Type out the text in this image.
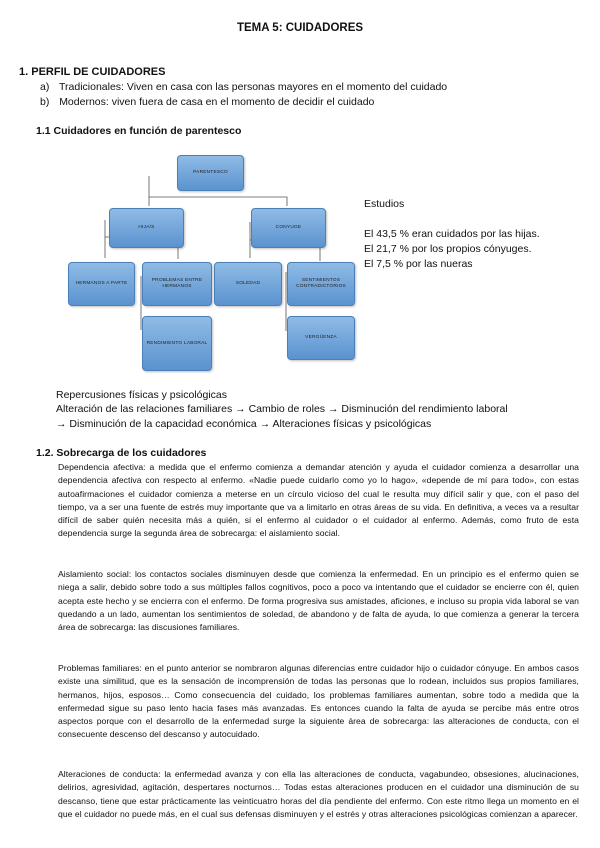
TEMA 5: CUIDADORES
1. PERFIL DE CUIDADORES
a) Tradicionales: Viven en casa con las personas mayores en el momento del cuidado
b) Modernos: viven fuera de casa en el momento de decidir el cuidado
1.1 Cuidadores en función de parentesco
PARENTESCO
HIJA/S	CONYUGE
HERMANOS A PARTE
PROBLEMAS ENTRE HERMANOS
SOLEDAD
SENTIMIENTOS CONTRADICTORIOS
RENDIMIENTO LABORAL
VERGÜENZA
Estudios
El 43,5 % eran cuidados por las hijas.
El 21,7 % por los propios cónyuges.
El 7,5 % por las nueras
Repercusiones físicas y psicológicas
Alteración de las relaciones familiares → Cambio de roles → Disminución del rendimiento laboral
→ Disminución de la capacidad económica → Alteraciones físicas y psicológicas
1.2. Sobrecarga de los cuidadores

Dependencia afectiva: a medida que el enfermo comienza a demandar atención y ayuda el cuidador comienza a desarrollar una dependencia afectiva con respecto al enfermo. «Nadie puede cuidarlo como yo lo hago», «depende de mí para todo», con estas autoafirmaciones el cuidador comienza a meterse en un círculo vicioso del cual le resulta muy difícil salir y que, con el paso del tiempo, va a ser una fuente de estrés muy importante que va a limitarlo en otras áreas de su vida. En definitiva, a veces va a resultar difícil de saber quién necesita más a quién, si el enfermo al cuidador o el cuidador al enfermo. Además, como fruto de esta dependencia surge la segunda área de sobrecarga: el aislamiento social.

Aislamiento social: los contactos sociales disminuyen desde que comienza la enfermedad. En un principio es el enfermo quien se niega a salir, debido sobre todo a sus múltiples fallos cognitivos, poco a poco va intentando que el cuidador se encierre con él, quien acepta este hecho y se encierra con el enfermo. De forma progresiva sus amistades, aficiones, e incluso su propia vida laboral se van quedando a un lado, aumentan los sentimientos de soledad, de abandono y de falta de ayuda, lo que comienza a generar la tercera área de sobrecarga: las discusiones familiares.

Problemas familiares: en el punto anterior se nombraron algunas diferencias entre cuidador hijo o cuidador cónyuge. En ambos casos existe una similitud, que es la sensación de incomprensión de todas las personas que lo rodean, incluidos sus propios familiares, hermanos, hijos, esposos… Como consecuencia del cuidado, los problemas familiares aumentan, sobre todo a medida que la enfermedad sigue su paso lento hacia fases más avanzadas. Es entonces cuando la falta de ayuda se percibe más entre otros aspectos porque con el desarrollo de la enfermedad surge la siguiente área de sobrecarga: las alteraciones de conducta, con el consecuente descenso del descanso y autocuidado.

Alteraciones de conducta: la enfermedad avanza y con ella las alteraciones de conducta, vagabundeo, obsesiones, alucinaciones, delirios, agresividad, agitación, despertares nocturnos… Todas estas alteraciones producen en el cuidador una disminución de su descanso, tiene que estar prácticamente las veinticuatro horas del día pendiente del enfermo. Con este ritmo llega un momento en el que el cuidador no puede más, en el cual sus defensas disminuyen y el estrés y otras alteraciones psicológicas comienzan a aparecer.
